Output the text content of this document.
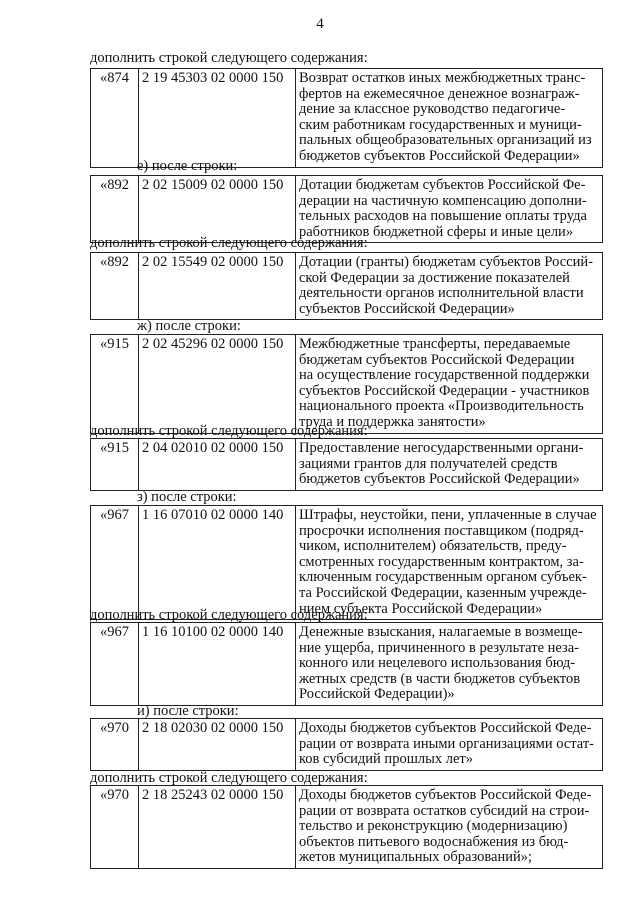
4
дополнить строкой следующего содержания:
«874	2 19 45303 02 0000 150	Возврат остатков иных межбюджетных транс-
фертов на ежемесячное денежное вознаграж-
дение за классное руководство педагогиче-
ским работникам государственных и муници-
пальных общеобразовательных организаций из
бюджетов субъектов Российской Федерации»
е) после строки:
«892	2 02 15009 02 0000 150	Дотации бюджетам субъектов Российской Фе-
дерации на частичную компенсацию дополни-
тельных расходов на повышение оплаты труда
работников бюджетной сферы и иные цели»
дополнить строкой следующего содержания:
«892	2 02 15549 02 0000 150	Дотации (гранты) бюджетам субъектов Россий-
ской Федерации за достижение показателей
деятельности органов исполнительной власти
субъектов Российской Федерации»
ж) после строки:
«915	2 02 45296 02 0000 150	Межбюджетные трансферты, передаваемые
бюджетам субъектов Российской Федерации
на осуществление государственной поддержки
субъектов Российской Федерации - участников
национального проекта «Производительность
труда и поддержка занятости»
дополнить строкой следующего содержания:
«915	2 04 02010 02 0000 150	Предоставление негосударственными органи-
зациями грантов для получателей средств
бюджетов субъектов Российской Федерации»
з) после строки:
«967	1 16 07010 02 0000 140	Штрафы, неустойки, пени, уплаченные в случае
просрочки исполнения поставщиком (подряд-
чиком, исполнителем) обязательств, преду-
смотренных государственным контрактом, за-
ключенным государственным органом субъек-
та Российской Федерации, казенным учрежде-
нием субъекта Российской Федерации»
дополнить строкой следующего содержания:
«967	1 16 10100 02 0000 140	Денежные взыскания, налагаемые в возмеще-
ние ущерба, причиненного в результате неза-
конного или нецелевого использования бюд-
жетных средств (в части бюджетов субъектов
Российской Федерации)»
и) после строки:
«970	2 18 02030 02 0000 150	Доходы бюджетов субъектов Российской Феде-
рации от возврата иными организациями остат-
ков субсидий прошлых лет»
дополнить строкой следующего содержания:
«970	2 18 25243 02 0000 150	Доходы бюджетов субъектов Российской Феде-
рации от возврата остатков субсидий на строи-
тельство и реконструкцию (модернизацию)
объектов питьевого водоснабжения из бюд-
жетов муниципальных образований»;
